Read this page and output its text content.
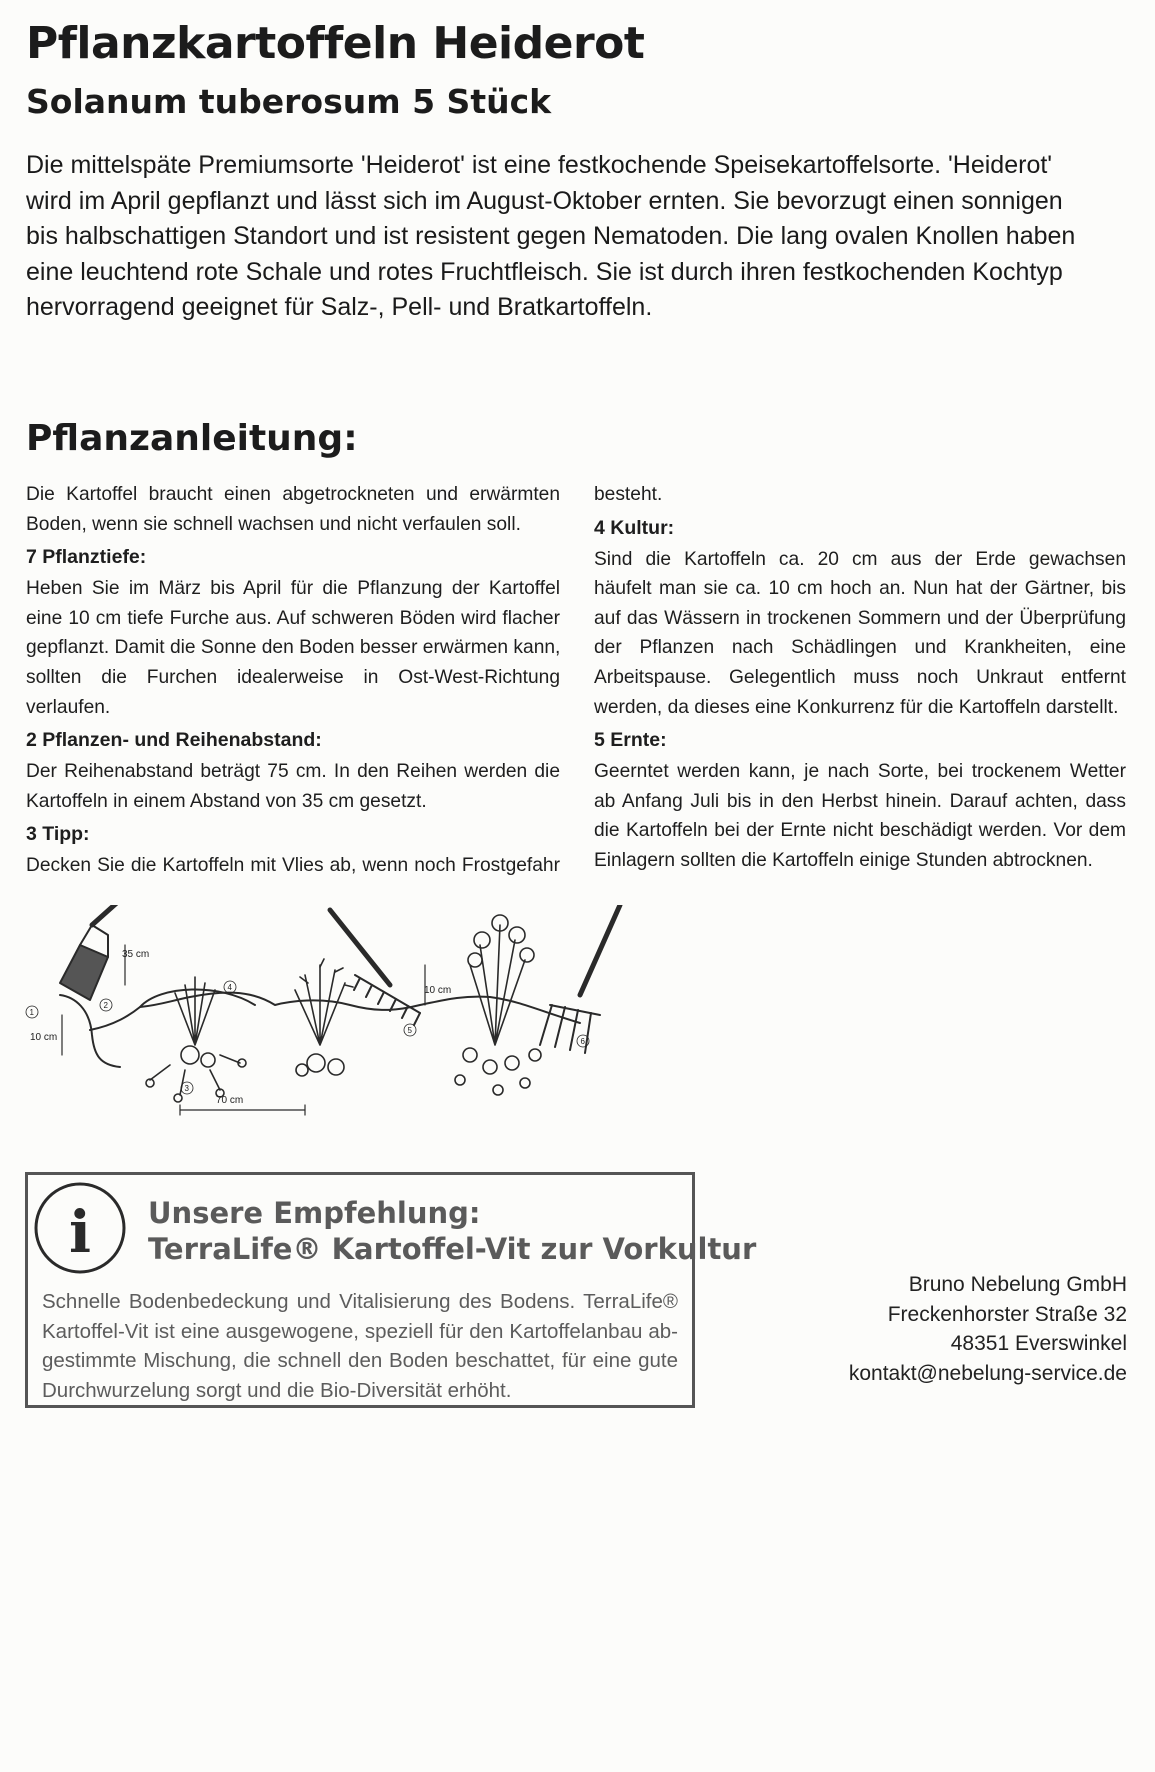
Pflanzkartoffeln Heiderot
Solanum tuberosum 5 Stück

Die mittelspäte Premiumsorte 'Heiderot' ist eine festkochende Speisekartoffelsorte. 'Heiderot'
wird im April gepflanzt und lässt sich im August-Oktober ernten. Sie bevorzugt einen sonnigen
bis halbschattigen Standort und ist resistent gegen Nematoden. Die lang ovalen Knollen haben
eine leuchtend rote Schale und rotes Fruchtfleisch. Sie ist durch ihren festkochenden Kochtyp
hervorragend geeignet für Salz-, Pell- und Bratkartoffeln.

Pflanzanleitung:

Die Kartoffel braucht einen abgetrockneten und erwärmten
Boden, wenn sie schnell wachsen und nicht verfaulen soll.

7 Pflanztiefe:

Heben Sie im März bis April für die Pflanzung der Kartoffel
eine 10 cm tiefe Furche aus. Auf schweren Böden wird flacher
gepflanzt. Damit die Sonne den Boden besser erwärmen kann,
sollten die Furchen idealerweise in Ost-West-Richtung
verlaufen.

2 Pflanzen- und Reihenabstand:

Der Reihenabstand beträgt 75 cm. In den Reihen werden die
Kartoffeln in einem Abstand von 35 cm gesetzt.

3 Tipp:

Decken Sie die Kartoffeln mit Vlies ab, wenn noch Frostgefahr

besteht.

4 Kultur:

Sind die Kartoffeln ca. 20 cm aus der Erde gewachsen
häufelt man sie ca. 10 cm hoch an. Nun hat der Gärtner, bis
auf das Wässern in trockenen Sommern und der Überprüfung
der Pflanzen nach Schädlingen und Krankheiten, eine
Arbeitspause. Gelegentlich muss noch Unkraut entfernt
werden, da dieses eine Konkurrenz für die Kartoffeln darstellt.

5 Ernte:

Geerntet werden kann, je nach Sorte, bei trockenem Wetter
ab Anfang Juli bis in den Herbst hinein. Darauf achten, dass
die Kartoffeln bei der Ernte nicht beschädigt werden. Vor dem
Einlagern sollten die Kartoffeln einige Stunden abtrocknen.

35 cm
10 cm
10 cm
70 cm
1
2
3
4
5
6
i Unsere Empfehlung:
TerraLife® Kartoffel-Vit zur Vorkultur

Schnelle Bodenbedeckung und Vitalisierung des Bodens. TerraLife®
Kartoffel-Vit ist eine ausgewogene, speziell für den Kartoffelanbau ab-
gestimmte Mischung, die schnell den Boden beschattet, für eine gute
Durchwurzelung sorgt und die Bio-Diversität erhöht.

Bruno Nebelung GmbH
Freckenhorster Straße 32
48351 Everswinkel
kontakt@nebelung-service.de
